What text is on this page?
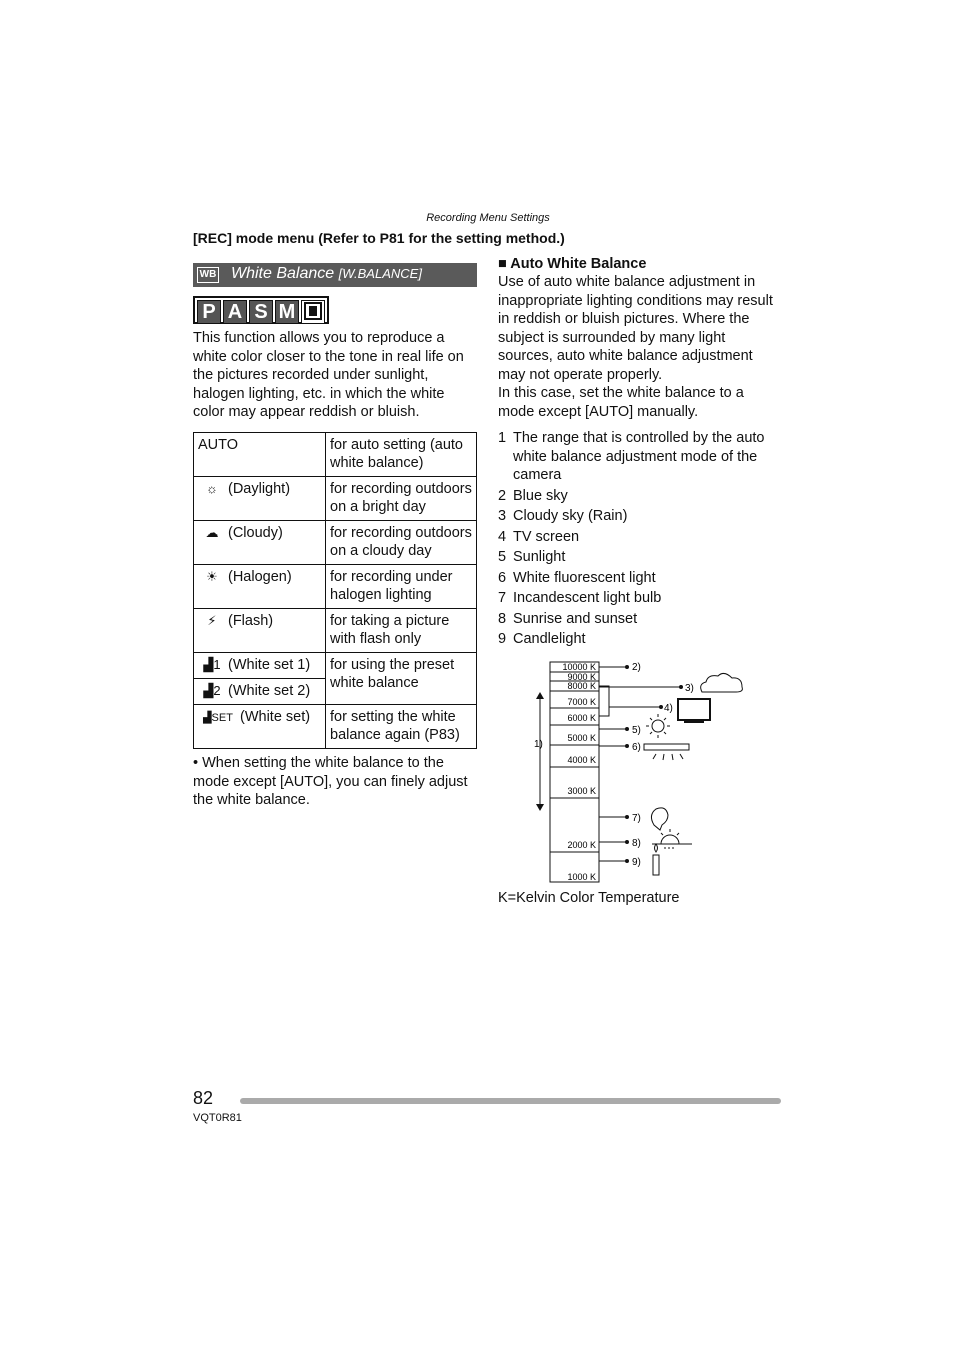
Recording Menu Settings
[REC] mode menu (Refer to P81 for the setting method.)
WB White Balance [W.BALANCE]
P A S M
This function allows you to reproduce a white color closer to the tone in real life on the pictures recorded under sunlight, halogen lighting, etc. in which the white color may appear reddish or bluish.
AUTO	for auto setting (auto white balance)
☼ (Daylight)	for recording outdoors on a bright day
☁ (Cloudy)	for recording outdoors on a cloudy day
☀ (Halogen)	for recording under halogen lighting
⚡ (Flash)	for taking a picture with flash only
▟1 (White set 1)	for using the preset white balance
▟2 (White set 2)	
▟SET (White set)	for setting the white balance again (P83)
• When setting the white balance to the mode except [AUTO], you can finely adjust the white balance.
■ Auto White Balance
Use of auto white balance adjustment in inappropriate lighting conditions may result in reddish or bluish pictures. Where the subject is surrounded by many light sources, auto white balance adjustment may not operate properly.
In this case, set the white balance to a mode except [AUTO] manually.
1 The range that is controlled by the auto white balance adjustment mode of the camera
2 Blue sky
3 Cloudy sky (Rain)
4 TV screen
5 Sunlight
6 White fluorescent light
7 Incandescent light bulb
8 Sunrise and sunset
9 Candlelight
10000 K
9000 K
8000 K
7000 K
6000 K
5000 K
4000 K
3000 K
2000 K
1000 K
1)
2)
3)
4)
5)
6)
7)
8)
9)
K=Kelvin Color Temperature
82
VQT0R81
